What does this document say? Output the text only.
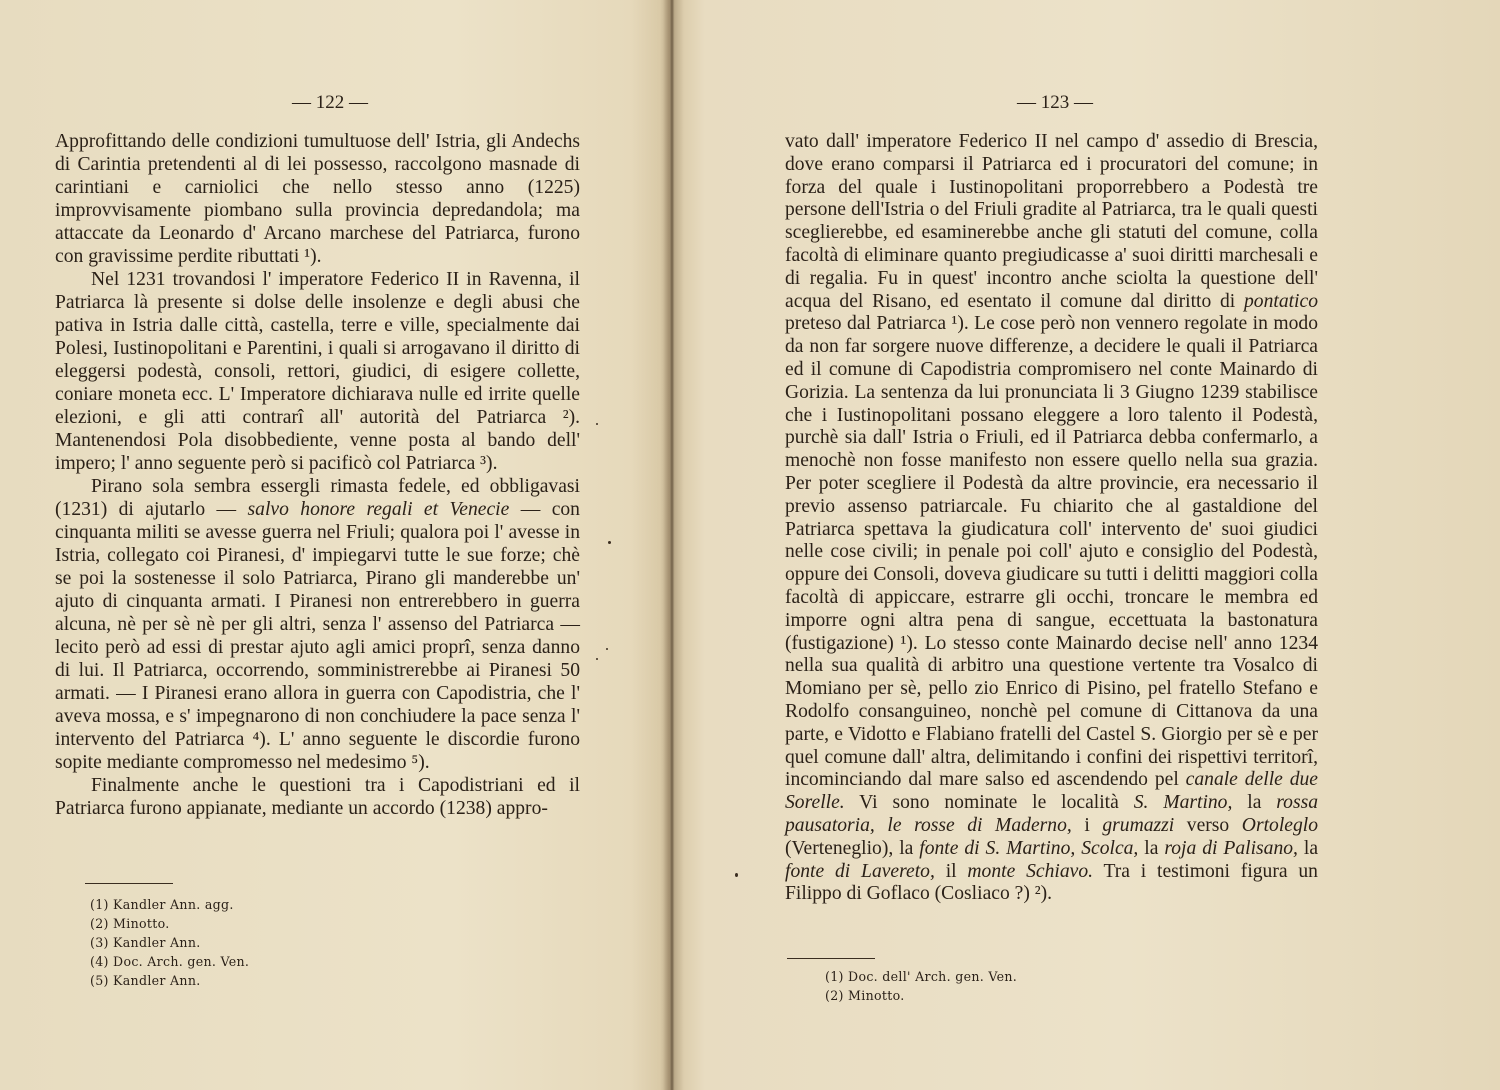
— 122 —

Approfittando delle condizioni tumultuose dell' Istria, gli Andechs di Carintia pretendenti al di lei possesso, raccolgono masnade di carintiani e carniolici che nello stesso anno (1225) improvvisamente piombano sulla provincia depredandola; ma attaccate da Leonardo d' Arcano marchese del Patriarca, furono con gravissime perdite ributtati ¹).

Nel 1231 trovandosi l' imperatore Federico II in Ravenna, il Patriarca là presente si dolse delle insolenze e degli abusi che pativa in Istria dalle città, castella, terre e ville, specialmente dai Polesi, Iustinopolitani e Parentini, i quali si arrogavano il diritto di eleggersi podestà, consoli, rettori, giudici, di esigere collette, coniare moneta ecc. L' Imperatore dichiarava nulle ed irrite quelle elezioni, e gli atti contrarî all' autorità del Patriarca ²). Mantenendosi Pola disobbediente, venne posta al bando dell' impero; l' anno seguente però si pacificò col Patriarca ³).

Pirano sola sembra essergli rimasta fedele, ed obbligavasi (1231) di ajutarlo — salvo honore regali et Venecie — con cinquanta militi se avesse guerra nel Friuli; qualora poi l' avesse in Istria, collegato coi Piranesi, d' impiegarvi tutte le sue forze; chè se poi la sostenesse il solo Patriarca, Pirano gli manderebbe un' ajuto di cinquanta armati. I Piranesi non entrerebbero in guerra alcuna, nè per sè nè per gli altri, senza l' assenso del Patriarca — lecito però ad essi di prestar ajuto agli amici proprî, senza danno di lui. Il Patriarca, occorrendo, somministrerebbe ai Piranesi 50 armati. — I Piranesi erano allora in guerra con Capodistria, che l' aveva mossa, e s' impegnarono di non conchiudere la pace senza l' intervento del Patriarca ⁴). L' anno seguente le discordie furono sopite mediante compromesso nel medesimo ⁵).

Finalmente anche le questioni tra i Capodistriani ed il Patriarca furono appianate, mediante un accordo (1238) appro-

(1) Kandler Ann. agg.
(2) Minotto.
(3) Kandler Ann.
(4) Doc. Arch. gen. Ven.
(5) Kandler Ann.
— 123 —

vato dall' imperatore Federico II nel campo d' assedio di Brescia, dove erano comparsi il Patriarca ed i procuratori del comune; in forza del quale i Iustinopolitani proporrebbero a Podestà tre persone dell'Istria o del Friuli gradite al Patriarca, tra le quali questi sceglierebbe, ed esaminerebbe anche gli statuti del comune, colla facoltà di eliminare quanto pregiudicasse a' suoi diritti marchesali e di regalia. Fu in quest' incontro anche sciolta la questione dell' acqua del Risano, ed esentato il comune dal diritto di pontatico preteso dal Patriarca ¹). Le cose però non vennero regolate in modo da non far sorgere nuove differenze, a decidere le quali il Patriarca ed il comune di Capodistria compromisero nel conte Mainardo di Gorizia. La sentenza da lui pronunciata li 3 Giugno 1239 stabilisce che i Iustinopolitani possano eleggere a loro talento il Podestà, purchè sia dall' Istria o Friuli, ed il Patriarca debba confermarlo, a menochè non fosse manifesto non essere quello nella sua grazia. Per poter scegliere il Podestà da altre provincie, era necessario il previo assenso patriarcale. Fu chiarito che al gastaldione del Patriarca spettava la giudicatura coll' intervento de' suoi giudici nelle cose civili; in penale poi coll' ajuto e consiglio del Podestà, oppure dei Consoli, doveva giudicare su tutti i delitti maggiori colla facoltà di appiccare, estrarre gli occhi, troncare le membra ed imporre ogni altra pena di sangue, eccettuata la bastonatura (fustigazione) ¹). Lo stesso conte Mainardo decise nell' anno 1234 nella sua qualità di arbitro una questione vertente tra Vosalco di Momiano per sè, pello zio Enrico di Pisino, pel fratello Stefano e Rodolfo consanguineo, nonchè pel comune di Cittanova da una parte, e Vidotto e Flabiano fratelli del Castel S. Giorgio per sè e per quel comune dall' altra, delimitando i confini dei rispettivi territorî, incominciando dal mare salso ed ascendendo pel canale delle due Sorelle. Vi sono nominate le località S. Martino, la rossa pausatoria, le rosse di Maderno, i grumazzi verso Ortoleglo (Verteneglio), la fonte di S. Martino, Scolca, la roja di Palisano, la fonte di Lavereto, il monte Schiavo. Tra i testimoni figura un Filippo di Goflaco (Cosliaco ?) ²).

(1) Doc. dell' Arch. gen. Ven.
(2) Minotto.
